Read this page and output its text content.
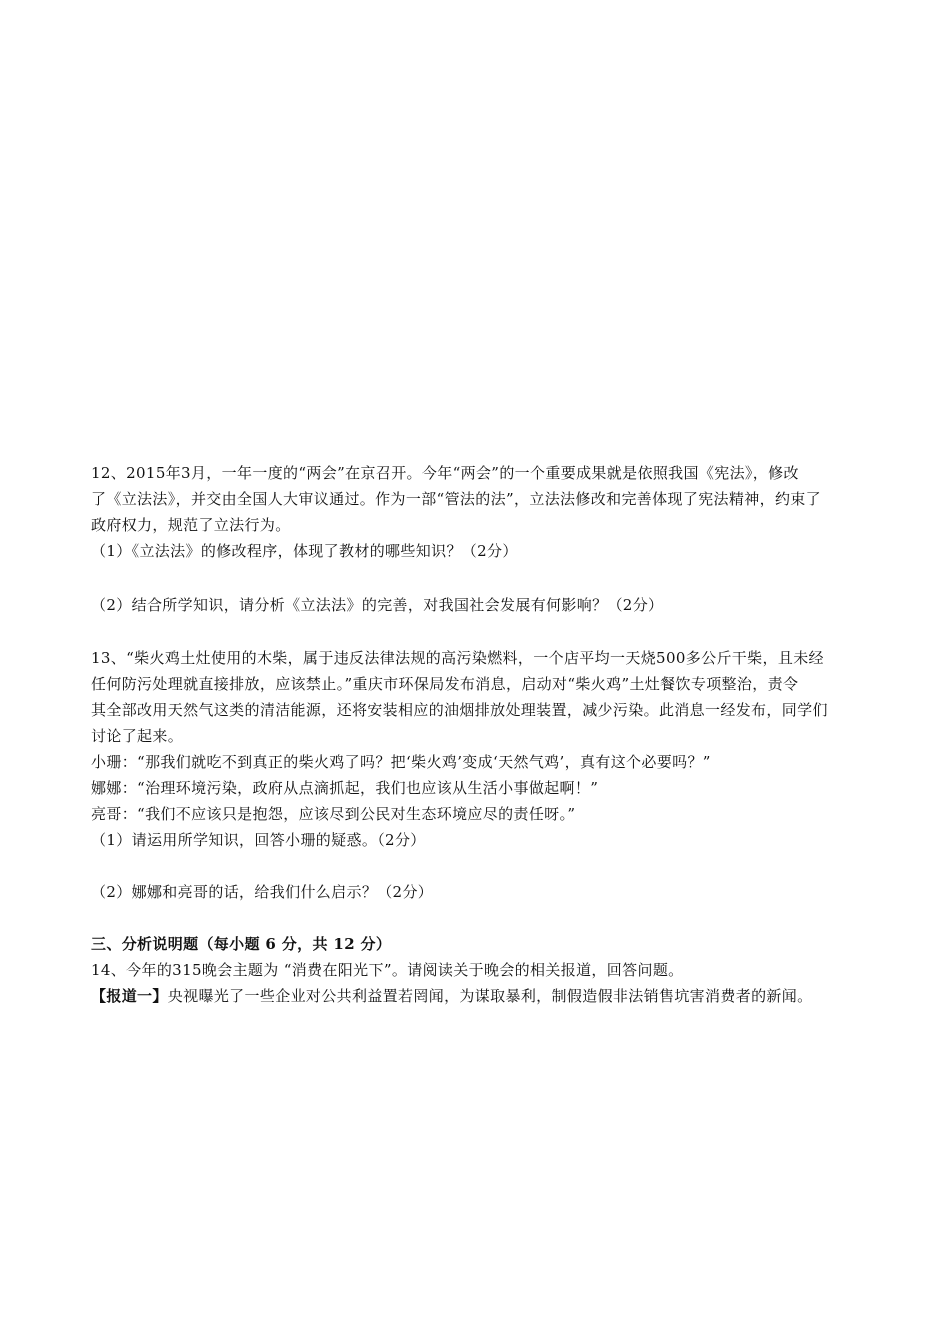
12、2015年3月，一年一度的“两会”在京召开。今年“两会”的一个重要成果就是依照我国《宪法》，修改
了《立法法》，并交由全国人大审议通过。作为一部“管法的法”，立法法修改和完善体现了宪法精神，约束了
政府权力，规范了立法行为。
（1）《立法法》的修改程序，体现了教材的哪些知识？（2分）
（2）结合所学知识，请分析《立法法》的完善，对我国社会发展有何影响？（2分）
13、“柴火鸡土灶使用的木柴，属于违反法律法规的高污染燃料，一个店平均一天烧500多公斤干柴，且未经
任何防污处理就直接排放，应该禁止。”重庆市环保局发布消息，启动对“柴火鸡”土灶餐饮专项整治，责令
其全部改用天然气这类的清洁能源，还将安装相应的油烟排放处理装置，减少污染。此消息一经发布，同学们
讨论了起来。
小珊：“那我们就吃不到真正的柴火鸡了吗？把‘柴火鸡’变成‘天然气鸡’，真有这个必要吗？”
娜娜：“治理环境污染，政府从点滴抓起，我们也应该从生活小事做起啊！”
亮哥：“我们不应该只是抱怨，应该尽到公民对生态环境应尽的责任呀。”
（1）请运用所学知识，回答小珊的疑惑。（2分）
（2）娜娜和亮哥的话，给我们什么启示？（2分）
三、分析说明题（每小题 6 分，共 12 分）
14、今年的315晚会主题为 “消费在阳光下”。请阅读关于晚会的相关报道，回答问题。
【报道一】央视曝光了一些企业对公共利益置若罔闻，为谋取暴利，制假造假非法销售坑害消费者的新闻。
